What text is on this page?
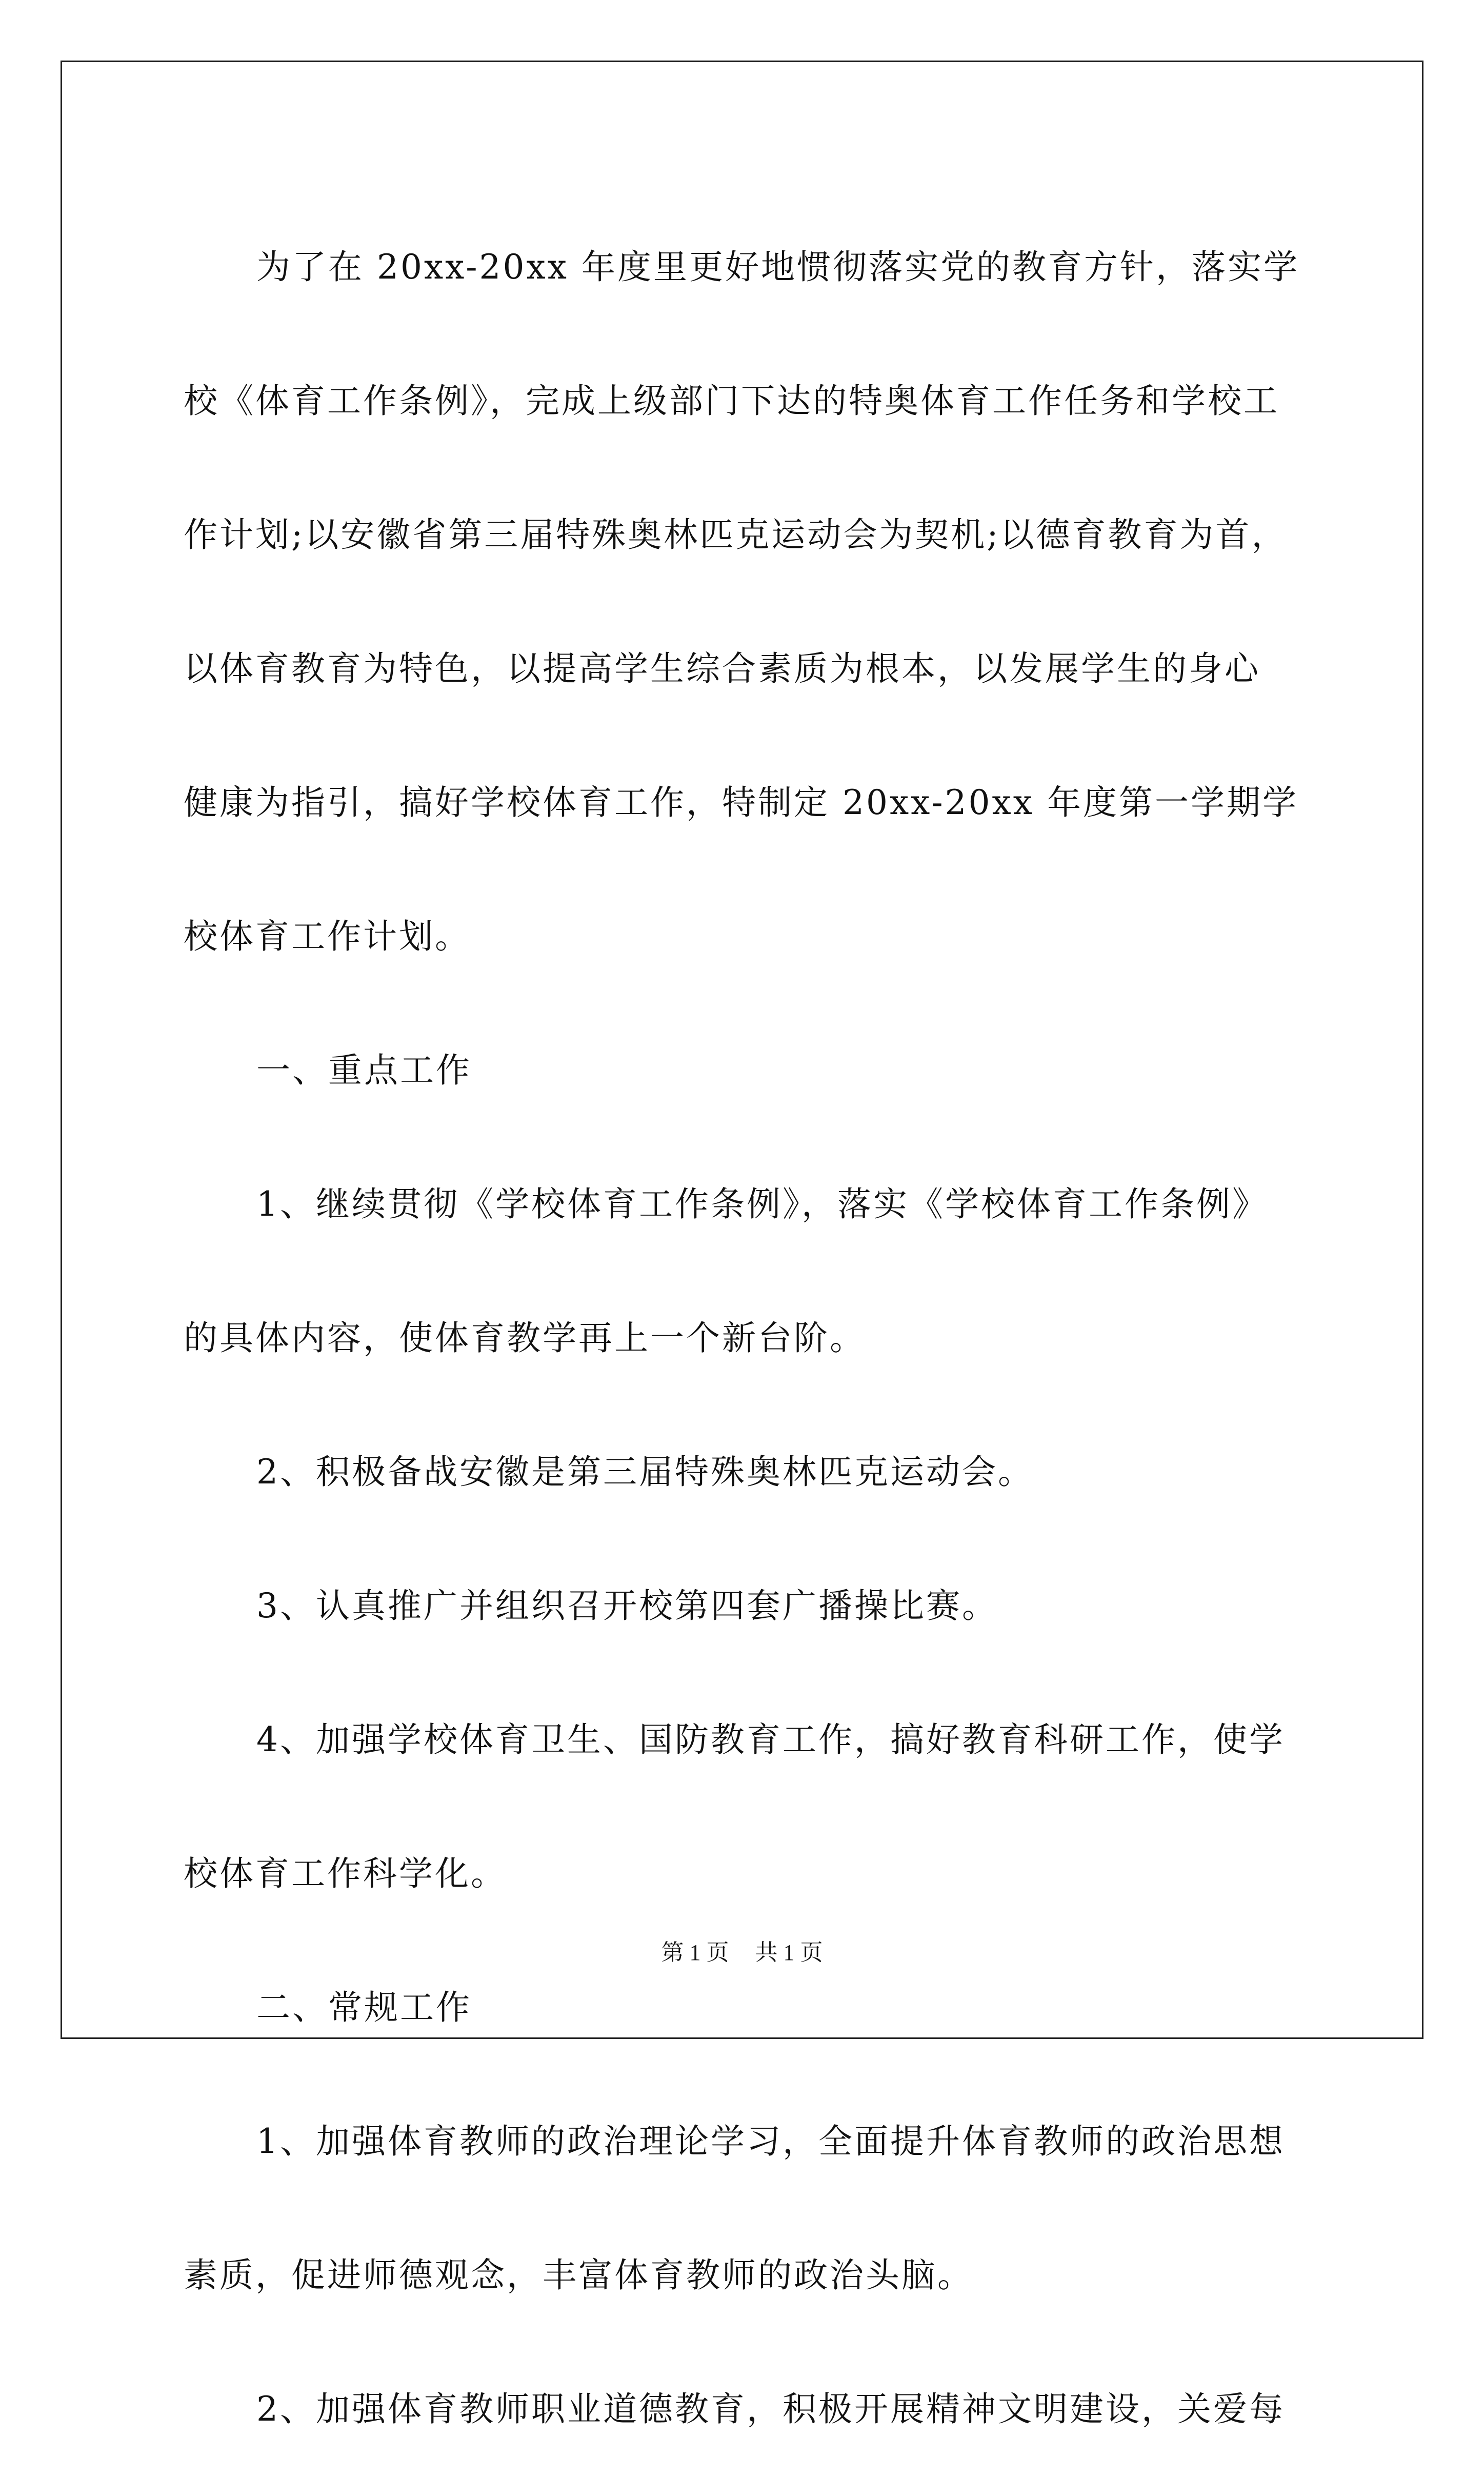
为了在 20xx-20xx 年度里更好地惯彻落实党的教育方针，落实学
校《体育工作条例》，完成上级部门下达的特奥体育工作任务和学校工
作计划;以安徽省第三届特殊奥林匹克运动会为契机;以德育教育为首，
以体育教育为特色，以提高学生综合素质为根本，以发展学生的身心
健康为指引，搞好学校体育工作，特制定 20xx-20xx 年度第一学期学
校体育工作计划。
一、重点工作
1、继续贯彻《学校体育工作条例》，落实《学校体育工作条例》
的具体内容，使体育教学再上一个新台阶。
2、积极备战安徽是第三届特殊奥林匹克运动会。
3、认真推广并组织召开校第四套广播操比赛。
4、加强学校体育卫生、国防教育工作，搞好教育科研工作，使学
校体育工作科学化。
二、常规工作
1、加强体育教师的政治理论学习，全面提升体育教师的政治思想
素质，促进师德观念，丰富体育教师的政治头脑。
2、加强体育教师职业道德教育，积极开展精神文明建设，关爱每
第 1 页 共 1 页
